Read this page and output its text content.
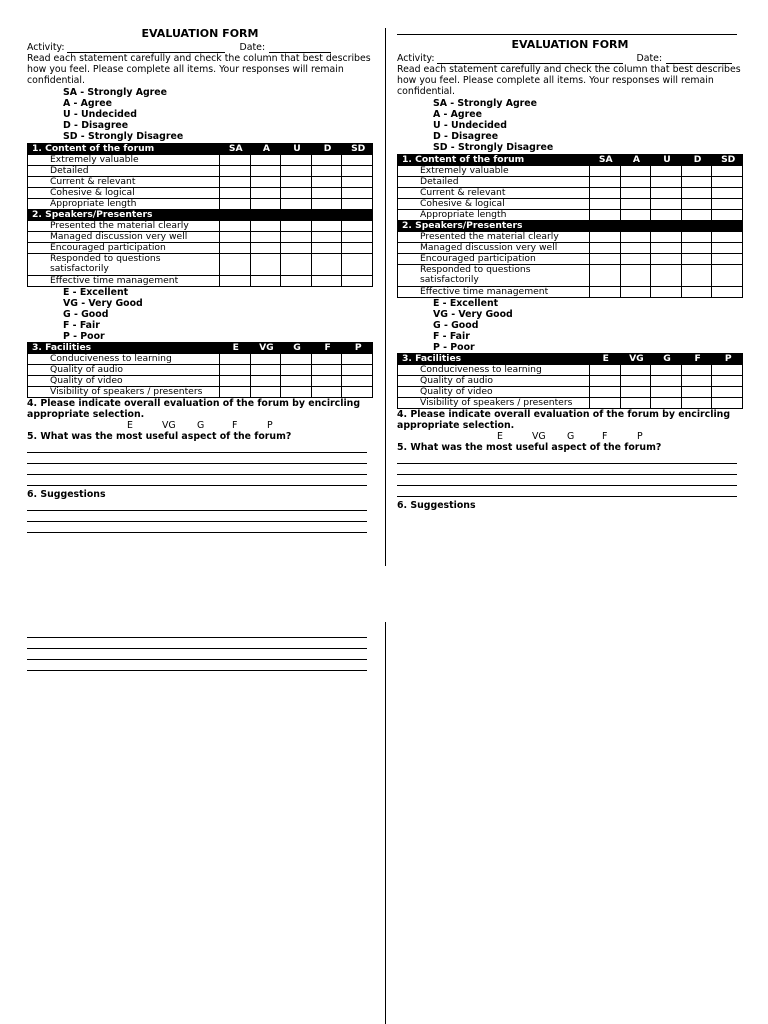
EVALUATION FORM
Activity:	Date:
Read each statement carefully and check the column that best describes how you feel. Please complete all items. Your responses will remain confidential.
SA - Strongly Agree
A - Agree
U - Undecided
D - Disagree
SD - Strongly Disagree
1. Content of the forum	SA	A	U	D	SD
Extremely valuable					
Detailed					
Current & relevant					
Cohesive & logical					
Appropriate length					
2. Speakers/Presenters					
Presented the material clearly					
Managed discussion very well					
Encouraged participation					
Responded to questions satisfactorily					
Effective time management					
E - Excellent
VG - Very Good
G - Good
F - Fair
P - Poor
3. Facilities	E	VG	G	F	P
Conduciveness to learning					
Quality of audio					
Quality of video					
Visibility of speakers / presenters					
4. Please indicate overall evaluation of the forum by encircling appropriate selection.
E	VG G	F	P
5. What was the most useful aspect of the forum?
6. Suggestions
EVALUATION FORM
Activity:	Date:
Read each statement carefully and check the column that best describes how you feel. Please complete all items. Your responses will remain confidential.
SA - Strongly Agree
A - Agree
U - Undecided
D - Disagree
SD - Strongly Disagree
1. Content of the forum	SA	A	U	D	SD
Extremely valuable					
Detailed					
Current & relevant					
Cohesive & logical					
Appropriate length					
2. Speakers/Presenters					
Presented the material clearly					
Managed discussion very well					
Encouraged participation					
Responded to questions satisfactorily					
Effective time management					
E - Excellent
VG - Very Good
G - Good
F - Fair
P - Poor
3. Facilities	E	VG	G	F	P
Conduciveness to learning					
Quality of audio					
Quality of video					
Visibility of speakers / presenters					
4. Please indicate overall evaluation of the forum by encircling appropriate selection.
E	VG G	F	P
5. What was the most useful aspect of the forum?
6. Suggestions
